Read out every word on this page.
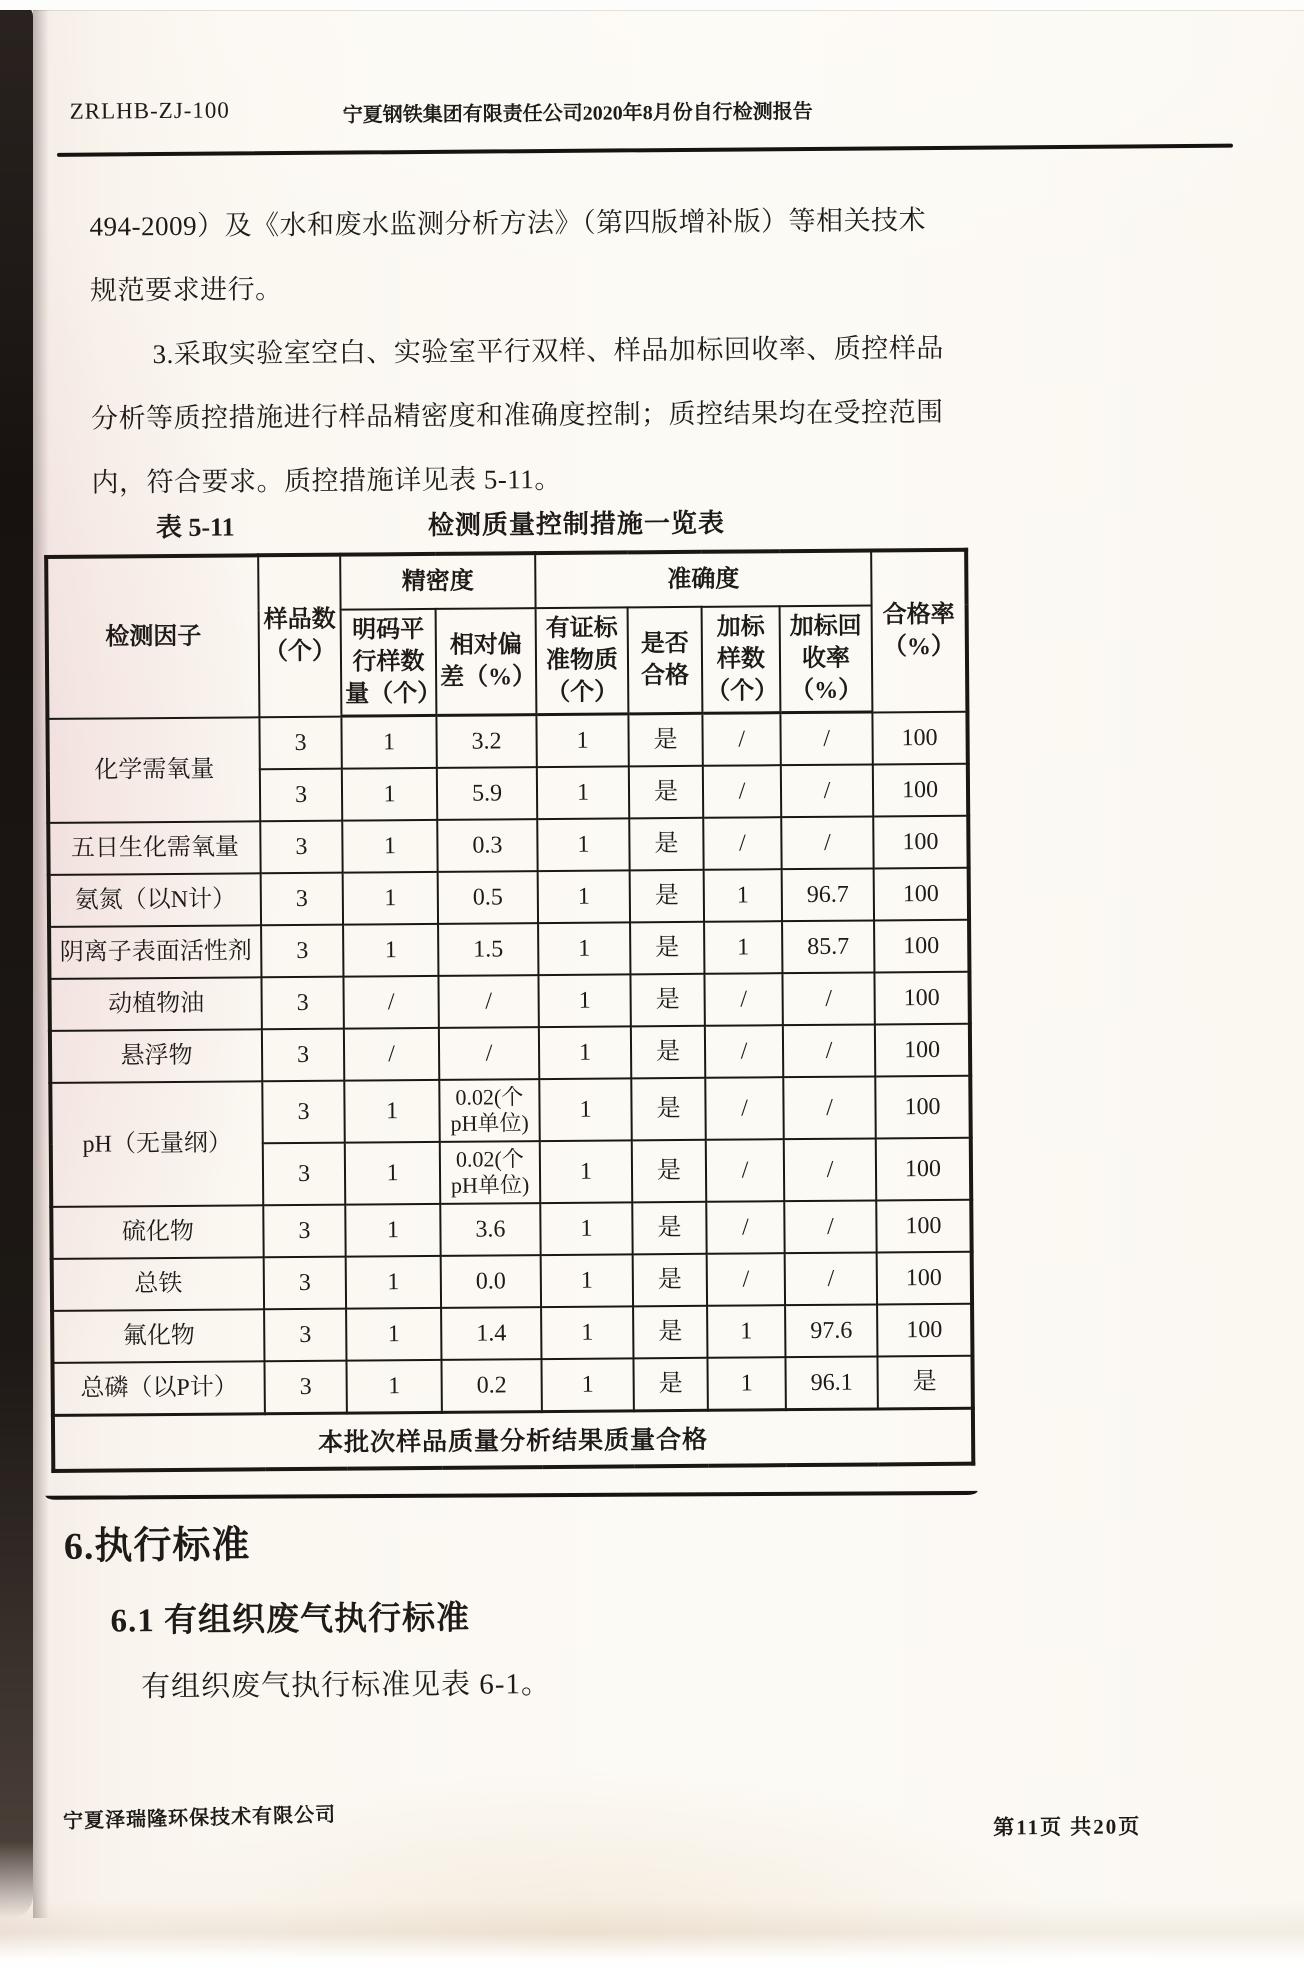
ZRLHB-ZJ-100	宁夏钢铁集团有限责任公司2020年8月份自行检测报告
494-2009）及《水和废水监测分析方法》（第四版增补版）等相关技术
规范要求进行。
3.采取实验室空白、实验室平行双样、样品加标回收率、质控样品
分析等质控措施进行样品精密度和准确度控制；质控结果均在受控范围
内，符合要求。质控措施详见表 5-11。
表 5-11	检测质量控制措施一览表
检测因子	样品数（个）	精密度		准确度				合格率（%）
		明码平行样数量（个）	相对偏差（%）	有证标准物质（个）	是否合格	加标样数（个）	加标回收率（%）	
化学需氧量	3	1	3.2	1	是	/	/	100
	3	1	5.9	1	是	/	/	100
五日生化需氧量	3	1	0.3	1	是	/	/	100
氨氮（以N计）	3	1	0.5	1	是	1	96.7	100
阴离子表面活性剂	3	1	1.5	1	是	1	85.7	100
动植物油	3	/	/	1	是	/	/	100
悬浮物	3	/	/	1	是	/	/	100
pH（无量纲）	3	1	0.02(个pH单位)	1	是	/	/	100
	3	1	0.02(个pH单位)	1	是	/	/	100
硫化物	3	1	3.6	1	是	/	/	100
总铁	3	1	0.0	1	是	/	/	100
氟化物	3	1	1.4	1	是	1	97.6	100
总磷（以P计）	3	1	0.2	1	是	1	96.1	是
本批次样品质量分析结果质量合格								
6.执行标准
6.1 有组织废气执行标准
有组织废气执行标准见表 6-1。
宁夏泽瑞隆环保技术有限公司	第11页 共20页
